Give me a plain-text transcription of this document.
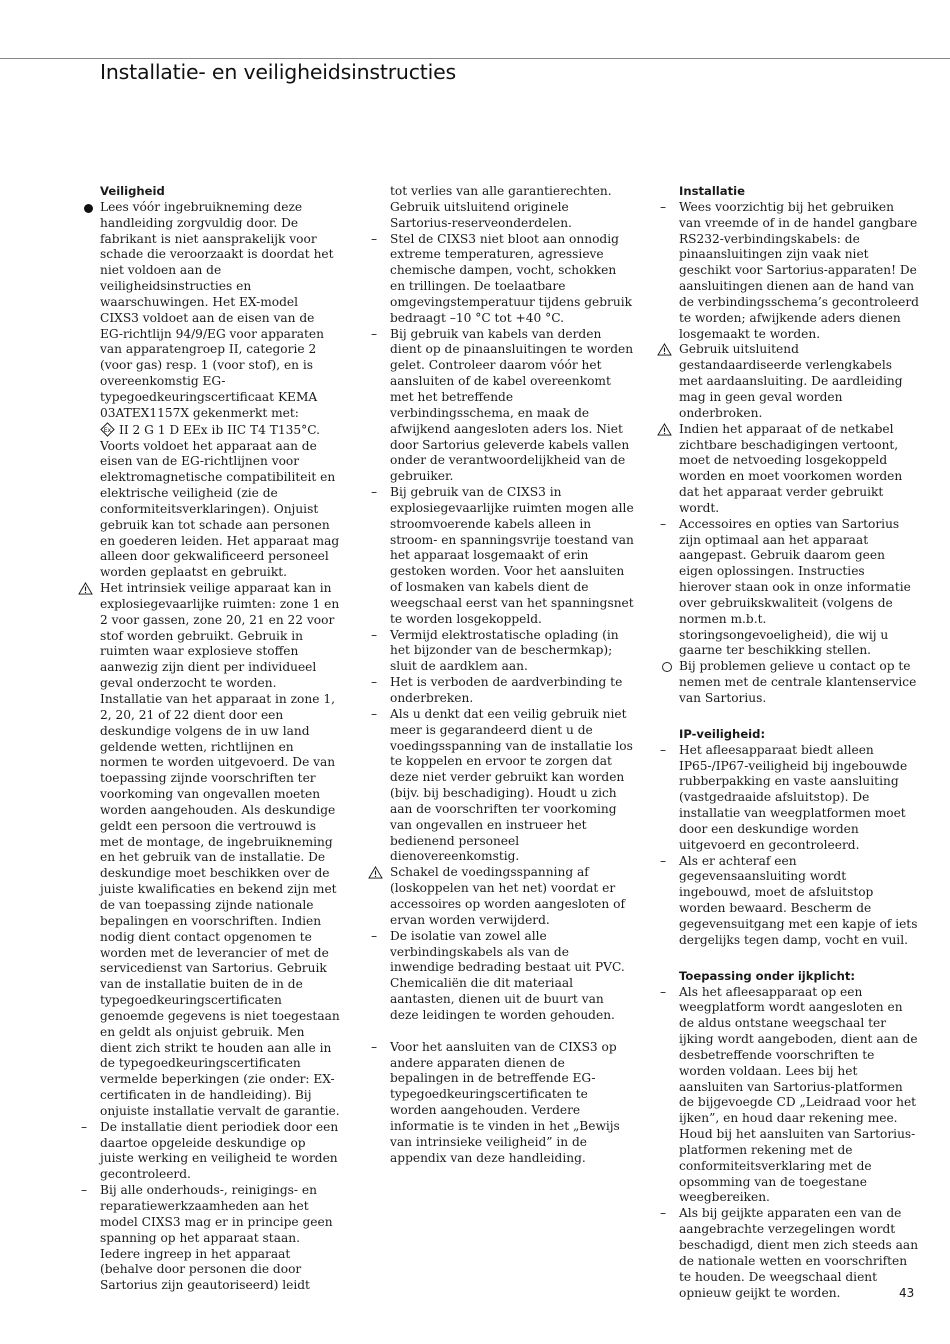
Installatie- en veiligheidsinstructies

Veiligheid

Lees vóór ingebruikneming deze handleiding zorgvuldig door. De fabrikant is niet aansprakelijk voor schade die veroorzaakt is doordat het niet voldoen aan de veiligheidsinstructies en waarschuwingen. Het EX-model CIXS3 voldoet aan de eisen van de EG-richtlijn 94/9/EG voor apparaten van apparatengroep II, categorie 2 (voor gas) resp. 1 (voor stof), en is overeenkomstig EG-typegoedkeuringscertificaat KEMA 03ATEX1157X gekenmerkt met:

Ex II 2 G 1 D EEx ib IIC T4 T135°C.

Voorts voldoet het apparaat aan de eisen van de EG-richtlijnen voor elektromagnetische compatibiliteit en elektrische veiligheid (zie de conformiteitsverklaringen). Onjuist gebruik kan tot schade aan personen en goederen leiden. Het apparaat mag alleen door gekwalificeerd personeel worden geplaatst en gebruikt.

Het intrinsiek veilige apparaat kan in explosiegevaarlijke ruimten: zone 1 en 2 voor gassen, zone 20, 21 en 22 voor stof worden gebruikt. Gebruik in ruimten waar explosieve stoffen aanwezig zijn dient per individueel geval onderzocht te worden. Installatie van het apparaat in zone 1, 2, 20, 21 of 22 dient door een deskundige volgens de in uw land geldende wetten, richtlijnen en normen te worden uitgevoerd. De van toepassing zijnde voorschriften ter voorkoming van ongevallen moeten worden aangehouden. Als deskundige geldt een persoon die vertrouwd is met de montage, de ingebruikneming en het gebruik van de installatie. De deskundige moet beschikken over de juiste kwalificaties en bekend zijn met de van toepassing zijnde nationale bepalingen en voorschriften. Indien nodig dient contact opgenomen te worden met de leverancier of met de servicedienst van Sartorius. Gebruik van de installatie buiten de in de typegoedkeuringscertificaten genoemde gegevens is niet toegestaan en geldt als onjuist gebruik. Men dient zich strikt te houden aan alle in de typegoedkeuringscertificaten vermelde beperkingen (zie onder: EX-certificaten in de handleiding). Bij onjuiste installatie vervalt de garantie.

–	De installatie dient periodiek door een daartoe opgeleide deskundige op juiste werking en veiligheid te worden gecontroleerd.

–	Bij alle onderhouds-, reinigings- en reparatiewerkzaamheden aan het model CIXS3 mag er in principe geen spanning op het apparaat staan. Iedere ingreep in het apparaat (behalve door personen die door Sartorius zijn geautoriseerd) leidt

tot verlies van alle garantierechten. Gebruik uitsluitend originele Sartorius-reserveonderdelen.

–	Stel de CIXS3 niet bloot aan onnodig extreme temperaturen, agressieve chemische dampen, vocht, schokken en trillingen. De toelaatbare omgevingstemperatuur tijdens gebruik bedraagt –10 °C tot +40 °C.

–	Bij gebruik van kabels van derden dient op de pinaansluitingen te worden gelet. Controleer daarom vóór het aansluiten of de kabel overeenkomt met het betreffende verbindingsschema, en maak de afwijkend aangesloten aders los. Niet door Sartorius geleverde kabels vallen onder de verantwoordelijkheid van de gebruiker.

–	Bij gebruik van de CIXS3 in explosiegevaarlijke ruimten mogen alle stroomvoerende kabels alleen in stroom- en spanningsvrije toestand van het apparaat losgemaakt of erin gestoken worden. Voor het aansluiten of losmaken van kabels dient de weegschaal eerst van het spanningsnet te worden losgekoppeld.

–	Vermijd elektrostatische oplading (in het bijzonder van de beschermkap); sluit de aardklem aan.

–	Het is verboden de aardverbinding te onderbreken.

–	Als u denkt dat een veilig gebruik niet meer is gegarandeerd dient u de voedingsspanning van de installatie los te koppelen en ervoor te zorgen dat deze niet verder gebruikt kan worden (bijv. bij beschadiging). Houdt u zich aan de voorschriften ter voorkoming van ongevallen en instrueer het bedienend personeel dienovereenkomstig.

Schakel de voedingsspanning af (loskoppelen van het net) voordat er accessoires op worden aangesloten of ervan worden verwijderd.

–	De isolatie van zowel alle verbindingskabels als van de inwendige bedrading bestaat uit PVC. Chemicaliën die dit materiaal aantasten, dienen uit de buurt van deze leidingen te worden gehouden.

–	Voor het aansluiten van de CIXS3 op andere apparaten dienen de bepalingen in de betreffende EG-typegoedkeuringscertificaten te worden aangehouden. Verdere informatie is te vinden in het „Bewijs van intrinsieke veiligheid” in de appendix van deze handleiding.

Installatie

–	Wees voorzichtig bij het gebruiken van vreemde of in de handel gangbare RS232-verbindingskabels: de pinaansluitingen zijn vaak niet geschikt voor Sartorius-apparaten! De aansluitingen dienen aan de hand van de verbindingsschema’s gecontroleerd te worden; afwijkende aders dienen losgemaakt te worden.

Gebruik uitsluitend gestandaardiseerde verlengkabels met aardaansluiting. De aardleiding mag in geen geval worden onderbroken.

Indien het apparaat of de netkabel zichtbare beschadigingen vertoont, moet de netvoeding losgekoppeld worden en moet voorkomen worden dat het apparaat verder gebruikt wordt.

–	Accessoires en opties van Sartorius zijn optimaal aan het apparaat aangepast. Gebruik daarom geen eigen oplossingen. Instructies hierover staan ook in onze informatie over gebruikskwaliteit (volgens de normen m.b.t. storingsongevoeligheid), die wij u gaarne ter beschikking stellen.

Bij problemen gelieve u contact op te nemen met de centrale klantenservice van Sartorius.

IP-veiligheid:

–	Het afleesapparaat biedt alleen IP65-/IP67-veiligheid bij ingebouwde rubberpakking en vaste aansluiting (vastgedraaide afsluitstop). De installatie van weegplatformen moet door een deskundige worden uitgevoerd en gecontroleerd.

–	Als er achteraf een gegevensaansluiting wordt ingebouwd, moet de afsluitstop worden bewaard. Bescherm de gegevensuitgang met een kapje of iets dergelijks tegen damp, vocht en vuil.

Toepassing onder ijkplicht:

–	Als het afleesapparaat op een weegplatform wordt aangesloten en de aldus ontstane weegschaal ter ijking wordt aangeboden, dient aan de desbetreffende voorschriften te worden voldaan. Lees bij het aansluiten van Sartorius-platformen de bijgevoegde CD „Leidraad voor het ijken”, en houd daar rekening mee. Houd bij het aansluiten van Sartorius-platformen rekening met de conformiteitsverklaring met de opsomming van de toegestane weegbereiken.

–	Als bij geijkte apparaten een van de aangebrachte verzegelingen wordt beschadigd, dient men zich steeds aan de nationale wetten en voorschriften te houden. De weegschaal dient opnieuw geijkt te worden.	43
